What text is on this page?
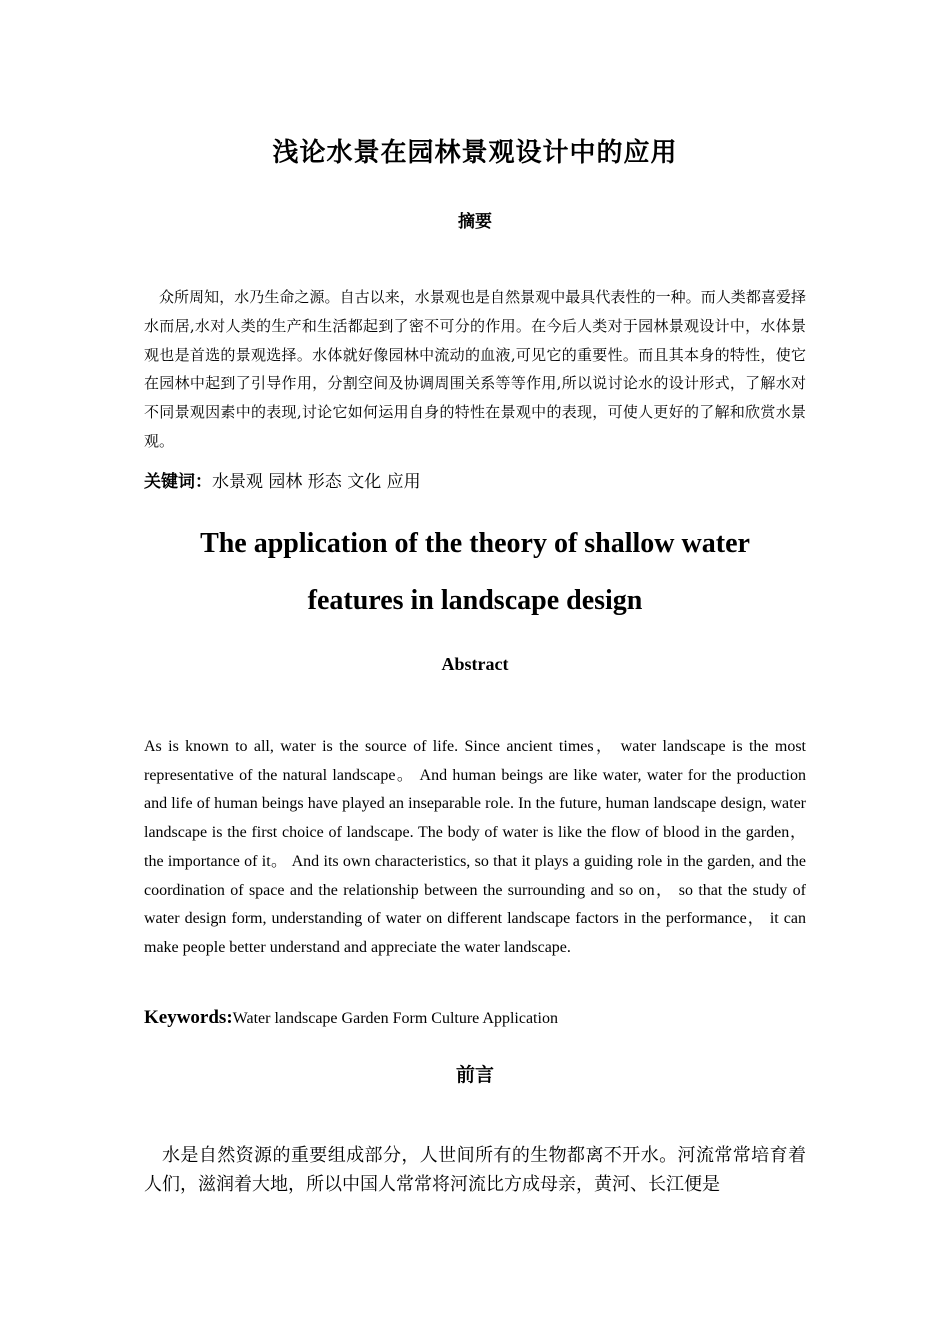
浅论水景在园林景观设计中的应用
摘要

众所周知，水乃生命之源。自古以来，水景观也是自然景观中最具代表性的一种。而人类都喜爱择水而居,水对人类的生产和生活都起到了密不可分的作用。在今后人类对于园林景观设计中，水体景观也是首选的景观选择。水体就好像园林中流动的血液,可见它的重要性。而且其本身的特性，使它在园林中起到了引导作用，分割空间及协调周围关系等等作用,所以说讨论水的设计形式，了解水对不同景观因素中的表现,讨论它如何运用自身的特性在景观中的表现，可使人更好的了解和欣赏水景观。

关键词：水景观 园林 形态 文化 应用

The application of the theory of shallow water
features in landscape design
Abstract

As is known to all, water is the source of life. Since ancient times， water landscape is the most representative of the natural landscape。 And human beings are like water, water for the production and life of human beings have played an inseparable role. In the future, human landscape design, water landscape is the first choice of landscape. The body of water is like the flow of blood in the garden， the importance of it。 And its own characteristics, so that it plays a guiding role in the garden, and the coordination of space and the relationship between the surrounding and so on， so that the study of water design form, understanding of water on different landscape factors in the performance， it can make people better understand and appreciate the water landscape.

Keywords:Water landscape Garden Form Culture Application

前言

水是自然资源的重要组成部分，人世间所有的生物都离不开水。河流常常培育着人们，滋润着大地，所以中国人常常将河流比方成母亲，黄河、长江便是
